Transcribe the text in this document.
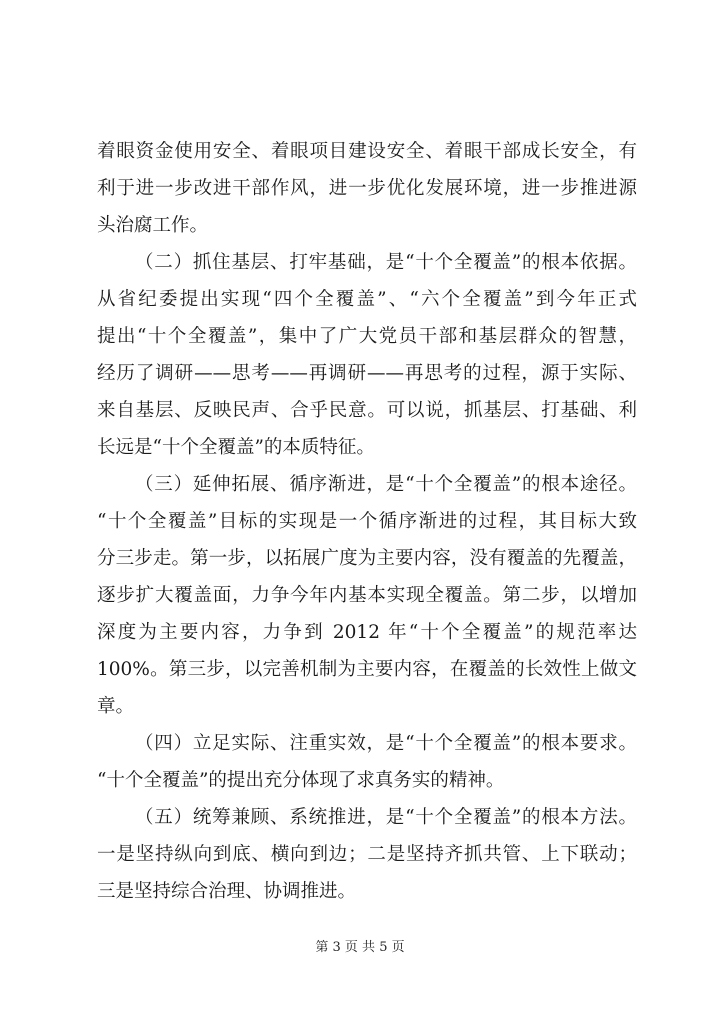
着眼资金使用安全、着眼项目建设安全、着眼干部成长安全，有
利于进一步改进干部作风，进一步优化发展环境，进一步推进源
头治腐工作。
（二）抓住基层、打牢基础，是“十个全覆盖”的根本依据。
从省纪委提出实现“四个全覆盖”、“六个全覆盖”到今年正式
提出“十个全覆盖”，集中了广大党员干部和基层群众的智慧，
经历了调研——思考——再调研——再思考的过程，源于实际、
来自基层、反映民声、合乎民意。可以说，抓基层、打基础、利
长远是“十个全覆盖”的本质特征。
（三）延伸拓展、循序渐进，是“十个全覆盖”的根本途径。
“十个全覆盖”目标的实现是一个循序渐进的过程，其目标大致
分三步走。第一步，以拓展广度为主要内容，没有覆盖的先覆盖，
逐步扩大覆盖面，力争今年内基本实现全覆盖。第二步，以增加
深度为主要内容，力争到 2012 年“十个全覆盖”的规范率达
100%。第三步，以完善机制为主要内容，在覆盖的长效性上做文
章。
（四）立足实际、注重实效，是“十个全覆盖”的根本要求。
“十个全覆盖”的提出充分体现了求真务实的精神。
（五）统筹兼顾、系统推进，是“十个全覆盖”的根本方法。
一是坚持纵向到底、横向到边；二是坚持齐抓共管、上下联动；
三是坚持综合治理、协调推进。
第 3 页 共 5 页
